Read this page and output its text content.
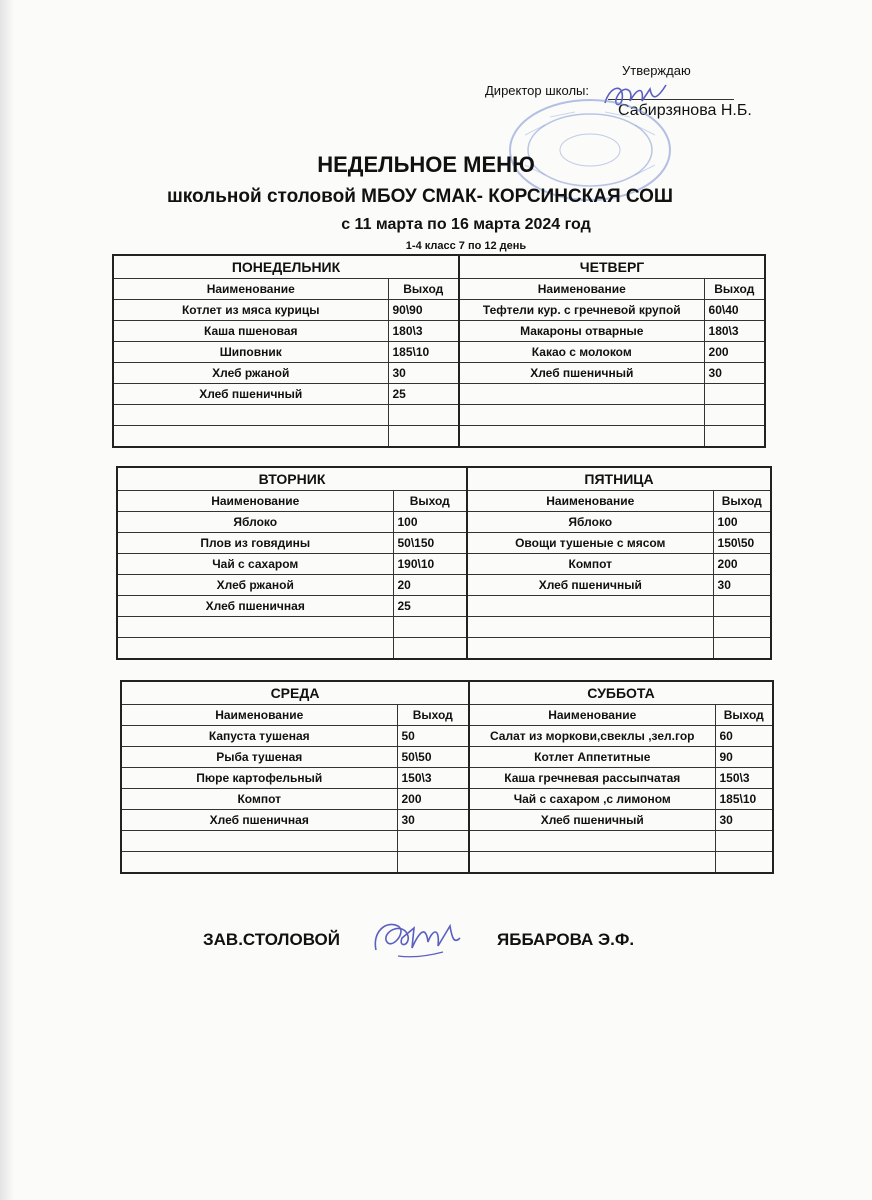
Утверждаю
Директор школы:
Сабирзянова Н.Б.
НЕДЕЛЬНОЕ МЕНЮ
школьной столовой МБОУ СМАК- КОРСИНСКАЯ СОШ
с 11 марта по 16 марта 2024 год
1-4 класс 7 по 12 день
ПОНЕДЕЛЬНИК		ЧЕТВЕРГ	
Наименование	Выход	Наименование	Выход
Котлет из мяса курицы	90\90	Тефтели кур. с гречневой крупой	60\40
Каша пшеновая	180\3	Макароны отварные	180\3
Шиповник	185\10	Какао с молоком	200
Хлеб ржаной	30	Хлеб пшеничный	30
Хлеб пшеничный	25		

ВТОРНИК		ПЯТНИЦА	
Наименование	Выход	Наименование	Выход
Яблоко	100	Яблоко	100
Плов из говядины	50\150	Овощи тушеные с мясом	150\50
Чай с сахаром	190\10	Компот	200
Хлеб ржаной	20	Хлеб пшеничный	30
Хлеб пшеничная	25		

СРЕДА		СУББОТА	
Наименование	Выход	Наименование	Выход
Капуста тушеная	50	Салат из моркови,свеклы ,зел.гор	60
Рыба тушеная	50\50	Котлет Аппетитные	90
Пюре картофельный	150\3	Каша гречневая рассыпчатая	150\3
Компот	200	Чай с сахаром ,с лимоном	185\10
Хлеб пшеничная	30	Хлеб пшеничный	30

ЗАВ.СТОЛОВОЙ	ЯББАРОВА Э.Ф.
